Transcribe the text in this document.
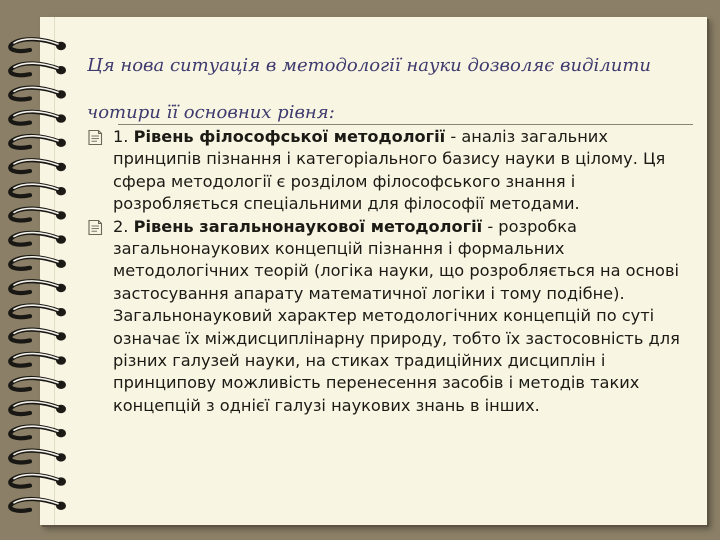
Ця нова ситуація в методології науки дозволяє виділити
чотири її основних рівня:
1. Рівень філософської методології - аналіз загальних принципів пізнання і категоріального базису науки в цілому. Ця сфера методології є розділом філософського знання і розробляється спеціальними для філософії методами.
2. Рівень загальнонаукової методології - розробка загальнонаукових концепцій пізнання і формальних методологічних теорій (логіка науки, що розробляється на основі застосування апарату математичної логіки і тому подібне). Загальнонауковий характер методологічних концепцій по суті означає їх міждисциплінарну природу, тобто їх застосовність для різних галузей науки, на стиках традиційних дисциплін і принципову можливість перенесення засобів і методів таких концепцій з однієї галузі наукових знань в інших.
